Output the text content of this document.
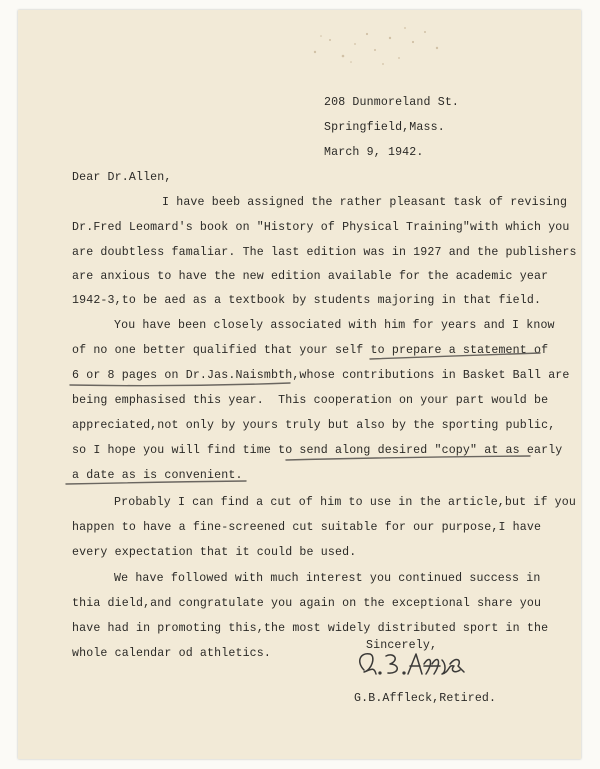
208 Dunmoreland St.
Springfield,Mass.
March 9, 1942.
Dear Dr.Allen,
I have beeb assigned the rather pleasant task of revising
Dr.Fred Leomard's book on "History of Physical Training"with which you
are doubtless famaliar. The last edition was in 1927 and the publishers
are anxious to have the new edition available for the academic year
1942-3,to be aed as a textbook by students majoring in that field.
You have been closely associated with him for years and I know
of no one better qualified that your self to prepare a statement of
6 or 8 pages on Dr.Jas.Naismbth,whose contributions in Basket Ball are
being emphasised this year.  This cooperation on your part would be
appreciated,not only by yours truly but also by the sporting public,
so I hope you will find time to send along desired "copy" at as early
a date as is convenient.
Probably I can find a cut of him to use in the article,but if you
happen to have a fine-screened cut suitable for our purpose,I have
every expectation that it could be used.
We have followed with much interest you continued success in
thia dield,and congratulate you again on the exceptional share you
have had in promoting this,the most widely distributed sport in the
whole calendar od athletics.
Sincerely,
G.B.Affleck,Retired.
